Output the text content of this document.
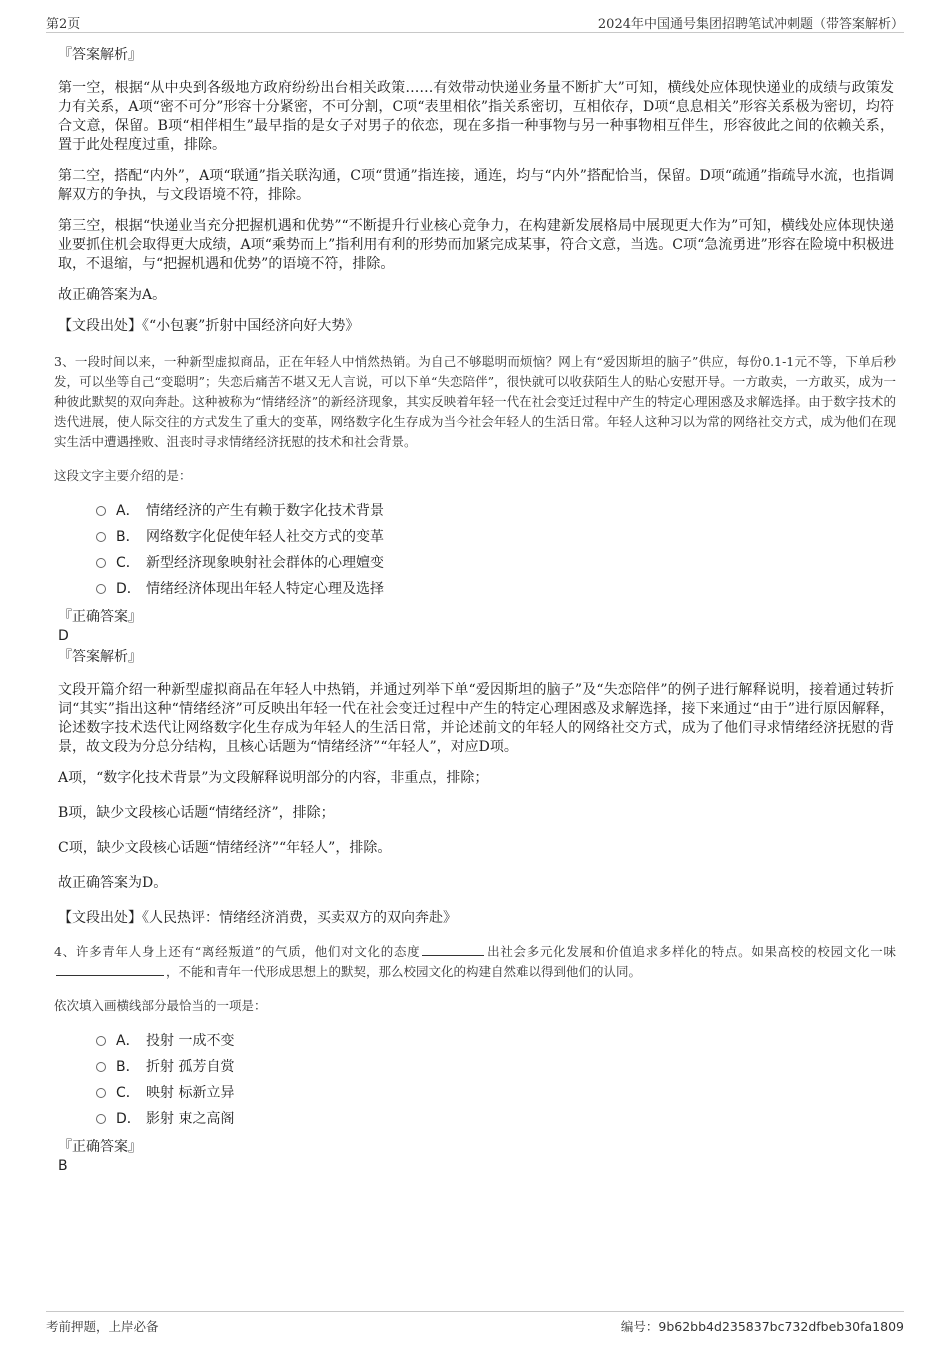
第2页	2024年中国通号集团招聘笔试冲刺题（带答案解析）

『答案解析』

第一空，根据“从中央到各级地方政府纷纷出台相关政策……有效带动快递业务量不断扩大”可知，横线处应体现快递业的成绩与政策发力有关系，A项“密不可分”形容十分紧密，不可分割，C项“表里相依”指关系密切，互相依存，D项“息息相关”形容关系极为密切，均符合文意，保留。B项“相伴相生”最早指的是女子对男子的依恋，现在多指一种事物与另一种事物相互伴生，形容彼此之间的依赖关系，置于此处程度过重，排除。

第二空，搭配“内外”，A项“联通”指关联沟通，C项“贯通”指连接，通连，均与“内外”搭配恰当，保留。D项“疏通”指疏导水流，也指调解双方的争执，与文段语境不符，排除。

第三空，根据“快递业当充分把握机遇和优势”“不断提升行业核心竞争力，在构建新发展格局中展现更大作为”可知，横线处应体现快递业要抓住机会取得更大成绩，A项“乘势而上”指利用有利的形势而加紧完成某事，符合文意，当选。C项“急流勇进”形容在险境中积极进取，不退缩，与“把握机遇和优势”的语境不符，排除。

故正确答案为A。

【文段出处】《“小包裹”折射中国经济向好大势》

3、一段时间以来，一种新型虚拟商品，正在年轻人中悄然热销。为自己不够聪明而烦恼？网上有“爱因斯坦的脑子”供应，每份0.1-1元不等，下单后秒发，可以坐等自己“变聪明”；失恋后痛苦不堪又无人言说，可以下单“失恋陪伴”，很快就可以收获陌生人的贴心安慰开导。一方敢卖，一方敢买，成为一种彼此默契的双向奔赴。这种被称为“情绪经济”的新经济现象，其实反映着年轻一代在社会变迁过程中产生的特定心理困惑及求解选择。由于数字技术的迭代进展，使人际交往的方式发生了重大的变革，网络数字化生存成为当今社会年轻人的生活日常。年轻人这种习以为常的网络社交方式，成为他们在现实生活中遭遇挫败、沮丧时寻求情绪经济抚慰的技术和社会背景。

这段文字主要介绍的是：

A． 情绪经济的产生有赖于数字化技术背景
B． 网络数字化促使年轻人社交方式的变革
C． 新型经济现象映射社会群体的心理嬗变
D． 情绪经济体现出年轻人特定心理及选择

『正确答案』

D

『答案解析』

文段开篇介绍一种新型虚拟商品在年轻人中热销，并通过列举下单“爱因斯坦的脑子”及“失恋陪伴”的例子进行解释说明，接着通过转折词“其实”指出这种“情绪经济”可反映出年轻一代在社会变迁过程中产生的特定心理困惑及求解选择，接下来通过“由于”进行原因解释，论述数字技术迭代让网络数字化生存成为年轻人的生活日常，并论述前文的年轻人的网络社交方式，成为了他们寻求情绪经济抚慰的背景，故文段为分总分结构，且核心话题为“情绪经济”“年轻人”，对应D项。

A项，“数字化技术背景”为文段解释说明部分的内容，非重点，排除；

B项，缺少文段核心话题“情绪经济”，排除；

C项，缺少文段核心话题“情绪经济”“年轻人”，排除。

故正确答案为D。

【文段出处】《人民热评：情绪经济消费，买卖双方的双向奔赴》

4、许多青年人身上还有“离经叛道”的气质，他们对文化的态度	出社会多元化发展和价值追求多样化的特点。如果高校的校园文化一味，不能和青年一代形成思想上的默契，那么校园文化的构建自然难以得到他们的认同。

依次填入画横线部分最恰当的一项是：

A． 投射 一成不变
B． 折射 孤芳自赏
C． 映射 标新立异
D． 影射 束之高阁

『正确答案』

B

考前押题，上岸必备	编号：9b62bb4d235837bc732dfbeb30fa1809
